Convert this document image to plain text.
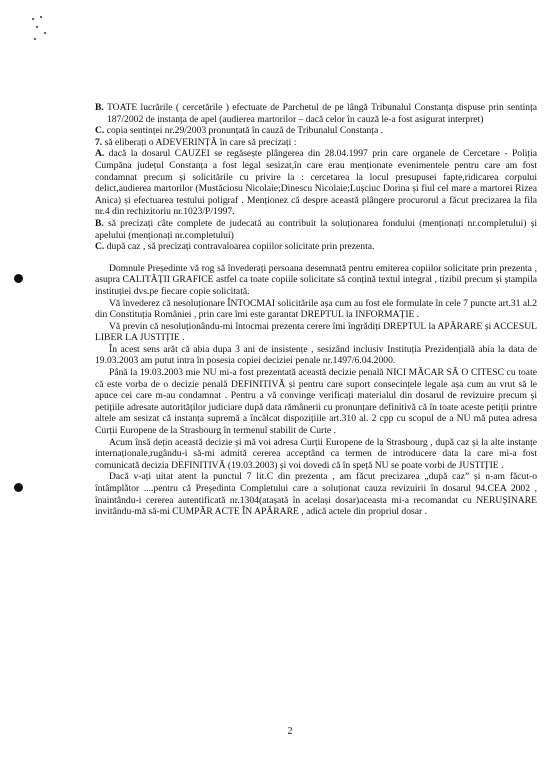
B. TOATE lucrările ( cercetările ) efectuate de Parchetul de pe lângă Tribunalul Constanța dispuse prin sentința 187/2002 de instanța de apel (audierea martorilor – dacă celor în cauză le-a fost asigurat interpret)

C. copia sentinței nr.29/2003 pronunțată în cauză de Tribunalul Constanța .

7. să eliberați o ADEVERINȚĂ în care să precizați :

A. dacă la dosarul CAUZEI se regăsește plângerea din 28.04.1997 prin care organele de Cercetare - Poliția Cumpăna județul Constanța a fost legal sesizat,în care erau menționate evenimentele pentru care am fost condamnat precum și solicitările cu privire la : cercetarea la locul presupusei fapte,ridicarea corpului delict,audierea martorilor (Mustăciosu Nicolaie;Dinescu Nicolaie;Lușciuc Dorina și fiul cel mare a martorei Rizea Anica) și efectuarea testului poligraf . Menționez că despre această plângere procurorul a făcut precizarea la fila nr.4 din rechizitoriu nr.1023/P/1997.

B. să precizați câte complete de judecată au contribuit la soluționarea fondului (menționați nr.completului) și apelului (menționați nr.completului)

C. după caz , să precizați contravaloarea copiilor solicitate prin prezenta.

Domnule Președinte vă rog să învederați persoana desemnată pentru emiterea copiilor solicitate prin prezenta , asupra CALITĂȚII GRAFICE astfel ca toate copiile solicitate să conțină textul integral , tizibil precum și ștampila instituției dvs.pe fiecare copie solicitată.

Vă învederez că nesoluționare ÎNTOCMAI solicitările așa cum au fost ele formulate în cele 7 puncte art.31 al.2 din Constituția României , prin care îmi este garantat DREPTUL la INFORMAȚIE .

Vă previn că nesoluționându-mi întocmai prezenta cerere îmi îngrădiți DREPTUL la APĂRARE și ACCESUL LIBER LA JUSTIȚIE .

În acest sens arăt că abia dupa 3 ani de insistențe , sesizând inclusiv Instituția Prezidențială abia la data de 19.03.2003 am putut intra în posesia copiei deciziei penale nr.1497/6.04.2000.

Până la 19.03.2003 mie NU mi-a fost prezentată această decizie penală NICI MĂCAR SĂ O CITESC cu toate că este vorba de o decizie penală DEFINITIVĂ și pentru care suport consecințele legale așa cum au vrut să le apuce cei care m-au condamnat . Pentru a vă convinge verificați materialul din dosarul de revizuire precum și petițiile adresate autorităților judiciare după data rămânerii cu pronunțare definitivă că în toate aceste petiții printre altele am sesizat că instanța supremă a încălcat dispozițiile art.310 al. 2 cpp cu scopul de a NU mă putea adresa Curții Europene de la Strasbourg în termenul stabilit de Curte .

Acum însă dețin această decizie și mă voi adresa Curții Europene de la Strasbourg , după caz și la alte instanțe internaționale,rugându-i să-mi admită cererea acceptând ca termen de introducere data la care mi-a fost comunicată decizia DEFINITIVĂ (19.03.2003) și voi dovedi că în speță NU se poate vorbi de JUSTIȚIE .

Dacă v-ați uitat atent la punctul 7 lit.C din prezenta , am făcut precizarea „după caz” și n-am făcut-o întâmplător ....pentru că Președinta Completului care a soluționat cauza revizuirii în dosarul 94.CEA 2002 , înaintându-i cererea autentificată nr.1304(atașată în același dosar)aceasta mi-a recomandat cu NERUȘINARE invitându-mă să-mi CUMPĂR ACTE ÎN APĂRARE , adică actele din propriul dosar .

2
